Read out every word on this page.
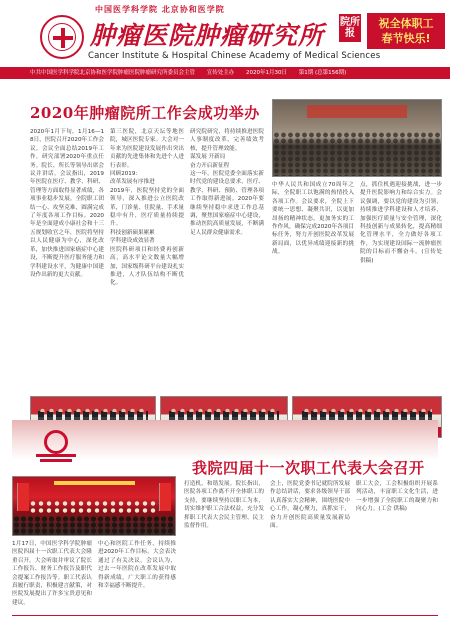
中国医学科学院 北京协和医学院
肿瘤医院肿瘤研究所 院所报
祝全体职工
春节快乐!
Cancer Institute & Hospital Chinese Academy of Medical Sciences
中共中国医学科学院北京协和医学院肿瘤医院肿瘤研究所委员会主管 宣传处主办 2020年1月30日 第1期 (总第156期)
2020年肿瘤院所工作会成功举办
2020年1月下旬，1月16—18日，医院召开2020年工作会议。会议全面总结2019年工作，研究部署2020年重点任务。院长、所长等领导出席会议并讲话。会议指出，2019年医院在医疗、教学、科研、管理等方面取得显著成绩，各项事业稳步发展。全院职工团结一心、攻坚克难，圆满完成了年度各项工作目标。2020年是全面建成小康社会和十三五规划收官之年，医院将坚持以人民健康为中心，深化改革，加快推进国家癌症中心建设，不断提升医疗服务能力和学科建设水平，为健康中国建设作出新的更大贡献。
第三医院，北京天坛等地医院，城区医院专家。大会对一年来为医院建设发展作出突出贡献的先进集体和先进个人进行表彰。
回顾2019：
改革发展有序推进
2019年，医院坚持党的全面领导，深入推进公立医院改革，门诊量、住院量、手术量稳中有升，医疗质量持续提升。
科技创新硕果累累
学科建设成效显著
医院科研项目和经费再创新高，高水平论文数量大幅增加，国家级科研平台建设扎实推进，人才队伍结构不断优化。
研究院研究，将持续推进医院人事制度改革，完善绩效考核，提升管理效能。
谋发展 开新局
奋力开启新征程
这一年，医院党委全面落实新时代党的建设总要求，医疗、教学、科研、预防、管理各项工作取得新进展。2020年要继续坚持稳中求进工作总基调，聚焦国家癌症中心建设，推动医院高质量发展，不断满足人民群众健康需求。
中华人民共和国成立70周年之际，全院职工以饱满的热情投入各项工作。会议要求，全院上下要统一思想、凝聚共识，以更加昂扬的精神状态，更加务实的工作作风，确保完成2020年各项目标任务，努力开创医院改革发展新局面，以优异成绩迎接新的挑战。
点，抓住机遇迎接挑战，进一步提升医院影响力和综合实力。会议强调，要以党的建设为引领，持续推进学科建设和人才培养，加强医疗质量与安全管理，深化科技创新与成果转化，提高精细化管理水平，全力做好各项工作，为实现建设国际一流肿瘤医院的目标而不懈奋斗。(宣传处 供稿)
我院四届十一次职工代表大会召开
1月17日，中国医学科学院肿瘤医院四届十一次职工代表大会隆重召开。大会听取并审议了院长工作报告、财务工作报告及职代会提案工作报告等。职工代表认真履行职责，积极建言献策，对医院发展提出了许多宝贵意见和建议。
中心和医院工作任务，持续推进2020年工作目标。大会表决通过了有关决议。会议认为，过去一年医院在改革发展中取得新成绩，广大职工的获得感和幸福感不断提升。
打造机、和谐发展。院长指出，医院各项工作离不开全体职工的支持，要继续坚持以职工为本，切实维护职工合法权益，充分发挥职工代表大会民主管理、民主监督作用。
会上，医院党委书记就院所发展作总结讲话，要求各级领导干部认真落实大会精神，围绕医院中心工作，凝心聚力，真抓实干，奋力开创医院高质量发展新局面。
职工大会，工会积极组织开展系列活动，丰富职工文化生活，进一步增强了全院职工的凝聚力和向心力。(工会 供稿)
